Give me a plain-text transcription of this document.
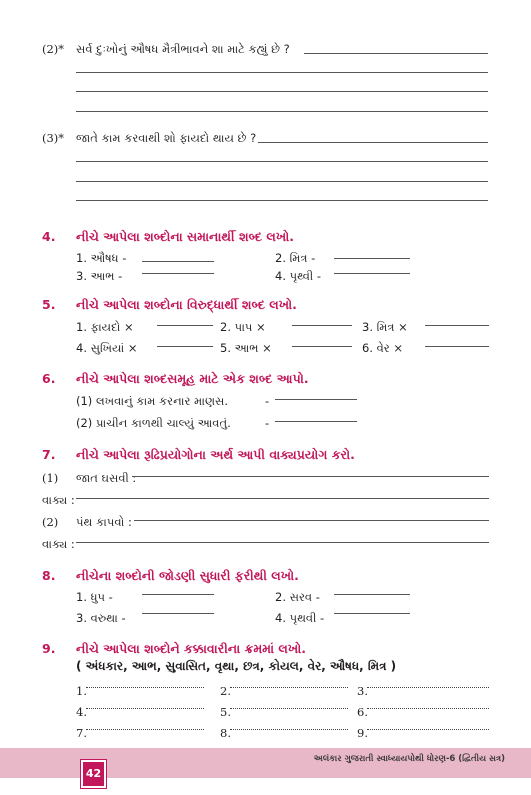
(2)* સર્વ દુઃખોનું ઔષધ મૈત્રીભાવને શા માટે કહ્યું છે ?
(3)* જાતે કામ કરવાથી શો ફાયદો થાય છે ?
4. નીચે આપેલા શબ્દોના સમાનાર્થી શબ્દ લખો.
1. ઔષધ -	2. મિત્ર -
3. આભ -	4. પૃથ્વી -
5. નીચે આપેલા શબ્દોના વિરુદ્ધાર્થી શબ્દ લખો.
1. ફાયદો ×	2. પાપ ×	3. મિત્ર ×
4. સુખિયાં ×	5. આભ ×	6. વેર ×
6. નીચે આપેલા શબ્દસમૂહ માટે એક શબ્દ આપો.
(1) લખવાનું કામ કરનાર માણસ.	-
(2) પ્રાચીન કાળથી ચાલ્યું આવતું.	-
7. નીચે આપેલા રૂઢિપ્રયોગોના અર્થ આપી વાક્યપ્રયોગ કરો.
(1) જાત ઘસવી :
વાક્ય :
(2) પંથ કાપવો :
વાક્ય :
8. નીચેના શબ્દોની જોડણી સુધારી ફરીથી લખો.
1. ધુપ -	2. સરવ -
3. વરુથા -	4. પૃથવી -
9. નીચે આપેલા શબ્દોને કક્કાવારીના ક્રમમાં લખો.
( અંધકાર, આભ, સુવાસિત, વૃથા, છત્ર, કોયલ, વેર, ઔષધ, મિત્ર )
1.	2.	3.
4.	5.	6.
7.	8.	9.
અલંકાર ગુજરાતી સ્વાધ્યાયપોથી ધોરણ-6 (દ્વિતીય સત્ર)
42
